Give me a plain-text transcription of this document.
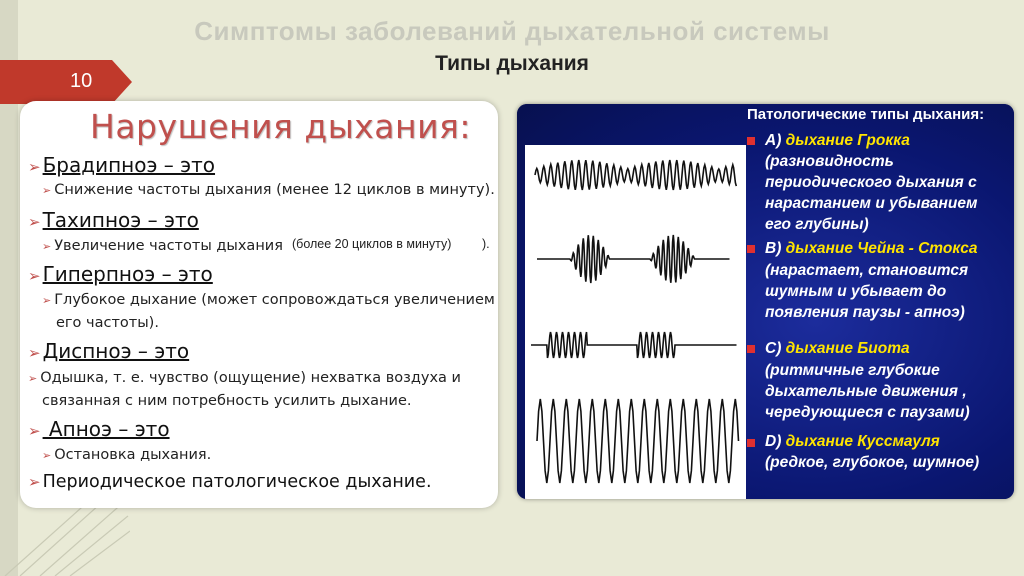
Симптомы заболеваний дыхательной системы
Типы дыхания
10
Нарушения дыхания:
➢ Брадипноэ – это
➢ Снижение частоты дыхания (менее 12 циклов в минуту).
➢ Тахипноэ – это
➢ Увеличение частоты дыхания (более 20 циклов в минуту) ).
➢ Гиперпноэ – это
➢ Глубокое дыхание (может сопровождаться увеличением
его частоты).
➢ Диспноэ – это
➢ Одышка, т. е. чувство (ощущение) нехватка воздуха и
связанная с ним потребность усилить дыхание.
➢ Апноэ – это
➢ Остановка дыхания.
➢ Периодическое патологическое дыхание.
Патологические типы дыхания:
А) дыхание Грокка
(разновидность
периодического дыхания с
нарастанием и убыванием
его глубины)
В) дыхание Чейна - Стокса
(нарастает, становится
шумным и убывает до
появления паузы - апноэ)
С) дыхание Биота
(ритмичные глубокие
дыхательные движения ,
чередующиеся с паузами)
D) дыхание Куссмауля
(редкое, глубокое, шумное)
